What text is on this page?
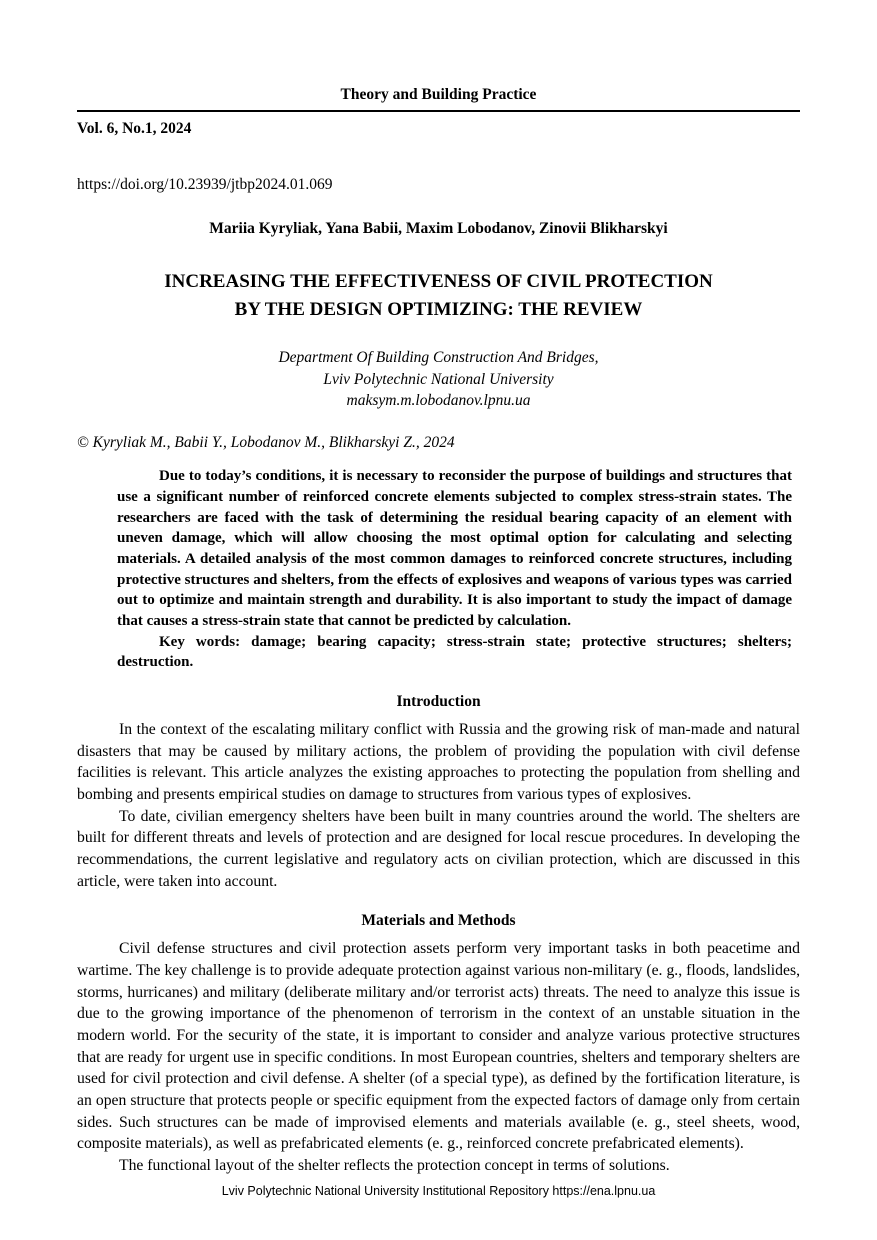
Theory and Building Practice
Vol. 6, No.1, 2024
https://doi.org/10.23939/jtbp2024.01.069
Mariia Kyryliak, Yana Babii, Maxim Lobodanov, Zinovii Blikharskyi
INCREASING THE EFFECTIVENESS OF CIVIL PROTECTION
BY THE DESIGN OPTIMIZING: THE REVIEW
Department Of Building Construction And Bridges,
Lviv Polytechnic National University
maksym.m.lobodanov.lpnu.ua
© Kyryliak M., Babii Y., Lobodanov M., Blikharskyi Z., 2024

Due to today’s conditions, it is necessary to reconsider the purpose of buildings and structures that use a significant number of reinforced concrete elements subjected to complex stress-strain states. The researchers are faced with the task of determining the residual bearing capacity of an element with uneven damage, which will allow choosing the most optimal option for calculating and selecting materials. A detailed analysis of the most common damages to reinforced concrete structures, including protective structures and shelters, from the effects of explosives and weapons of various types was carried out to optimize and maintain strength and durability. It is also important to study the impact of damage that causes a stress-strain state that cannot be predicted by calculation.

Key words: damage; bearing capacity; stress-strain state; protective structures; shelters; destruction.

Introduction

In the context of the escalating military conflict with Russia and the growing risk of man-made and natural disasters that may be caused by military actions, the problem of providing the population with civil defense facilities is relevant. This article analyzes the existing approaches to protecting the population from shelling and bombing and presents empirical studies on damage to structures from various types of explosives.

To date, civilian emergency shelters have been built in many countries around the world. The shelters are built for different threats and levels of protection and are designed for local rescue procedures. In developing the recommendations, the current legislative and regulatory acts on civilian protection, which are discussed in this article, were taken into account.

Materials and Methods

Civil defense structures and civil protection assets perform very important tasks in both peacetime and wartime. The key challenge is to provide adequate protection against various non-military (e. g., floods, landslides, storms, hurricanes) and military (deliberate military and/or terrorist acts) threats. The need to analyze this issue is due to the growing importance of the phenomenon of terrorism in the context of an unstable situation in the modern world. For the security of the state, it is important to consider and analyze various protective structures that are ready for urgent use in specific conditions. In most European countries, shelters and temporary shelters are used for civil protection and civil defense. A shelter (of a special type), as defined by the fortification literature, is an open structure that protects people or specific equipment from the expected factors of damage only from certain sides. Such structures can be made of improvised elements and materials available (e. g., steel sheets, wood, composite materials), as well as prefabricated elements (e. g., reinforced concrete prefabricated elements).

The functional layout of the shelter reflects the protection concept in terms of solutions.

Lviv Polytechnic National University Institutional Repository https://ena.lpnu.ua
